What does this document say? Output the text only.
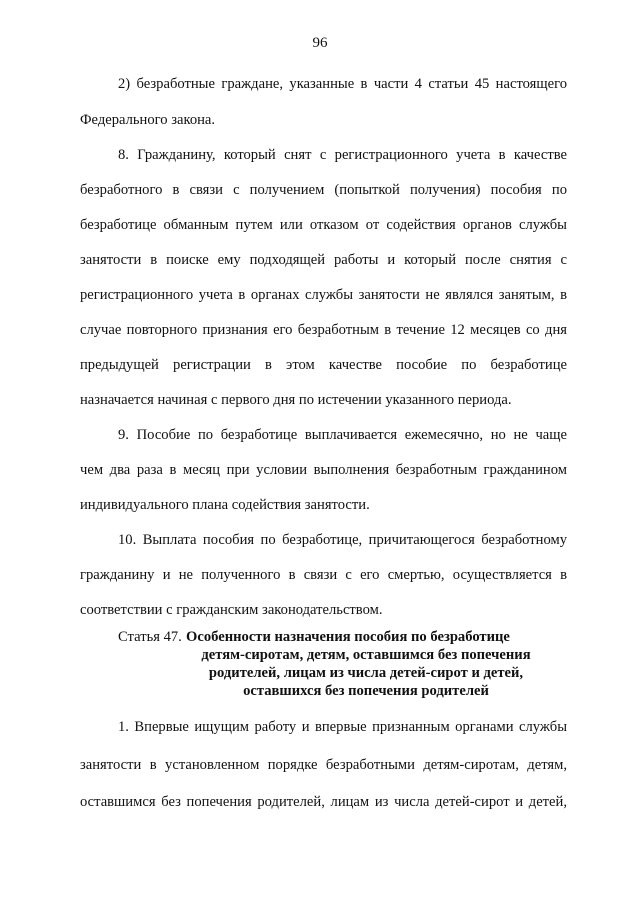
96
2) безработные граждане, указанные в части 4 статьи 45 настоящего
Федерального закона.
8. Гражданину, который снят с регистрационного учета в качестве
безработного в связи с получением (попыткой получения) пособия по
безработице обманным путем или отказом от содействия органов службы
занятости в поиске ему подходящей работы и который после снятия с
регистрационного учета в органах службы занятости не являлся занятым, в
случае повторного признания его безработным в течение 12 месяцев со дня
предыдущей регистрации в этом качестве пособие по безработице
назначается начиная с первого дня по истечении указанного периода.
9. Пособие по безработице выплачивается ежемесячно, но не чаще
чем два раза в месяц при условии выполнения безработным гражданином
индивидуального плана содействия занятости.
10. Выплата пособия по безработице, причитающегося безработному
гражданину и не полученного в связи с его смертью, осуществляется в
соответствии с гражданским законодательством.
Статья 47. Особенности назначения пособия по безработице
детям-сиротам, детям, оставшимся без попечения
родителей, лицам из числа детей-сирот и детей,
оставшихся без попечения родителей
1. Впервые ищущим работу и впервые признанным органами службы
занятости в установленном порядке безработными детям-сиротам, детям,
оставшимся без попечения родителей, лицам из числа детей-сирот и детей,
